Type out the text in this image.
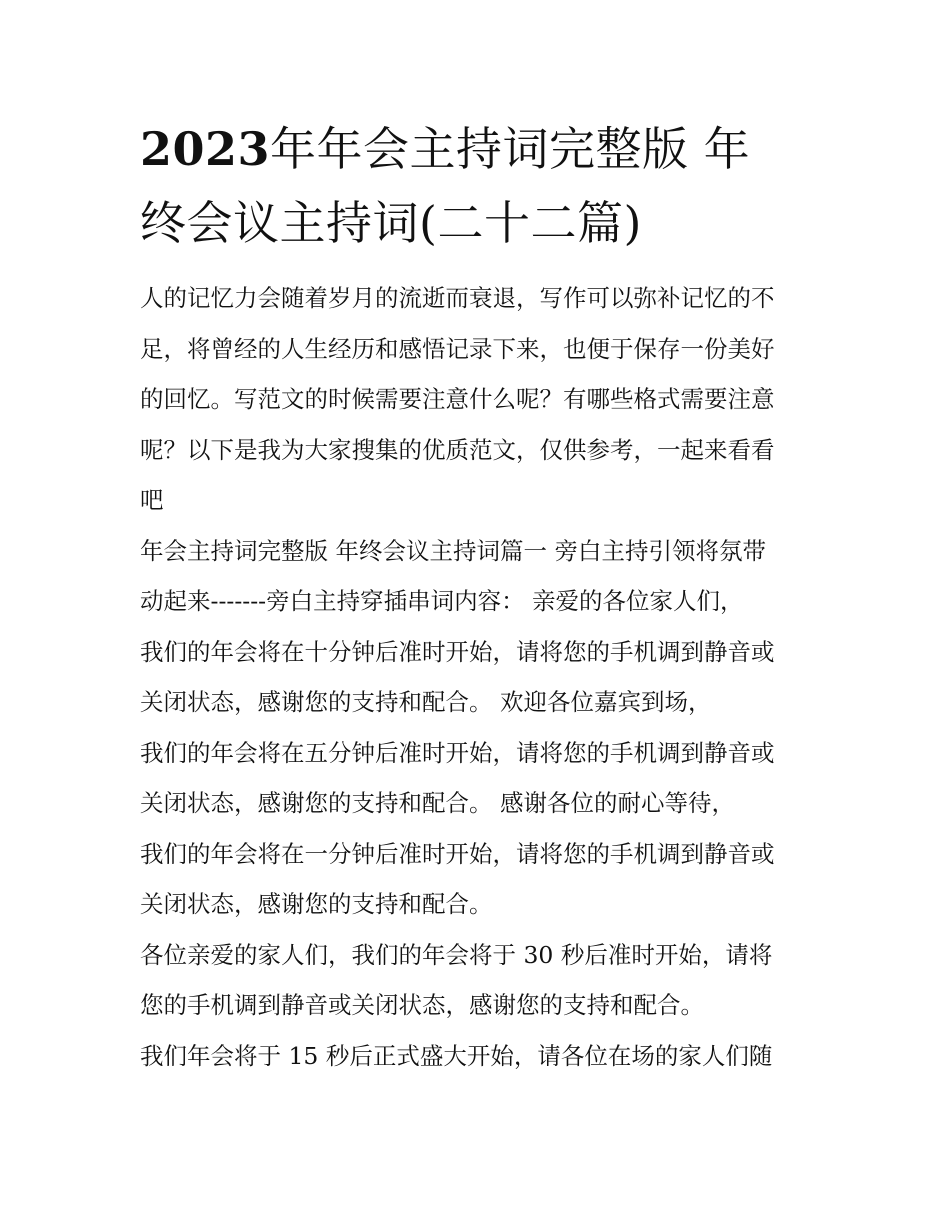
2023年年会主持词完整版 年
终会议主持词(二十二篇)
人的记忆力会随着岁月的流逝而衰退，写作可以弥补记忆的不
足，将曾经的人生经历和感悟记录下来，也便于保存一份美好
的回忆。写范文的时候需要注意什么呢？有哪些格式需要注意
呢？以下是我为大家搜集的优质范文，仅供参考，一起来看看
吧
年会主持词完整版 年终会议主持词篇一 旁白主持引领将氛带
动起来-------旁白主持穿插串词内容： 亲爱的各位家人们，
我们的年会将在十分钟后准时开始，请将您的手机调到静音或
关闭状态，感谢您的支持和配合。 欢迎各位嘉宾到场，
我们的年会将在五分钟后准时开始，请将您的手机调到静音或
关闭状态，感谢您的支持和配合。 感谢各位的耐心等待，
我们的年会将在一分钟后准时开始，请将您的手机调到静音或
关闭状态，感谢您的支持和配合。
各位亲爱的家人们，我们的年会将于 30 秒后准时开始，请将
您的手机调到静音或关闭状态，感谢您的支持和配合。
我们年会将于 15 秒后正式盛大开始，请各位在场的家人们随
